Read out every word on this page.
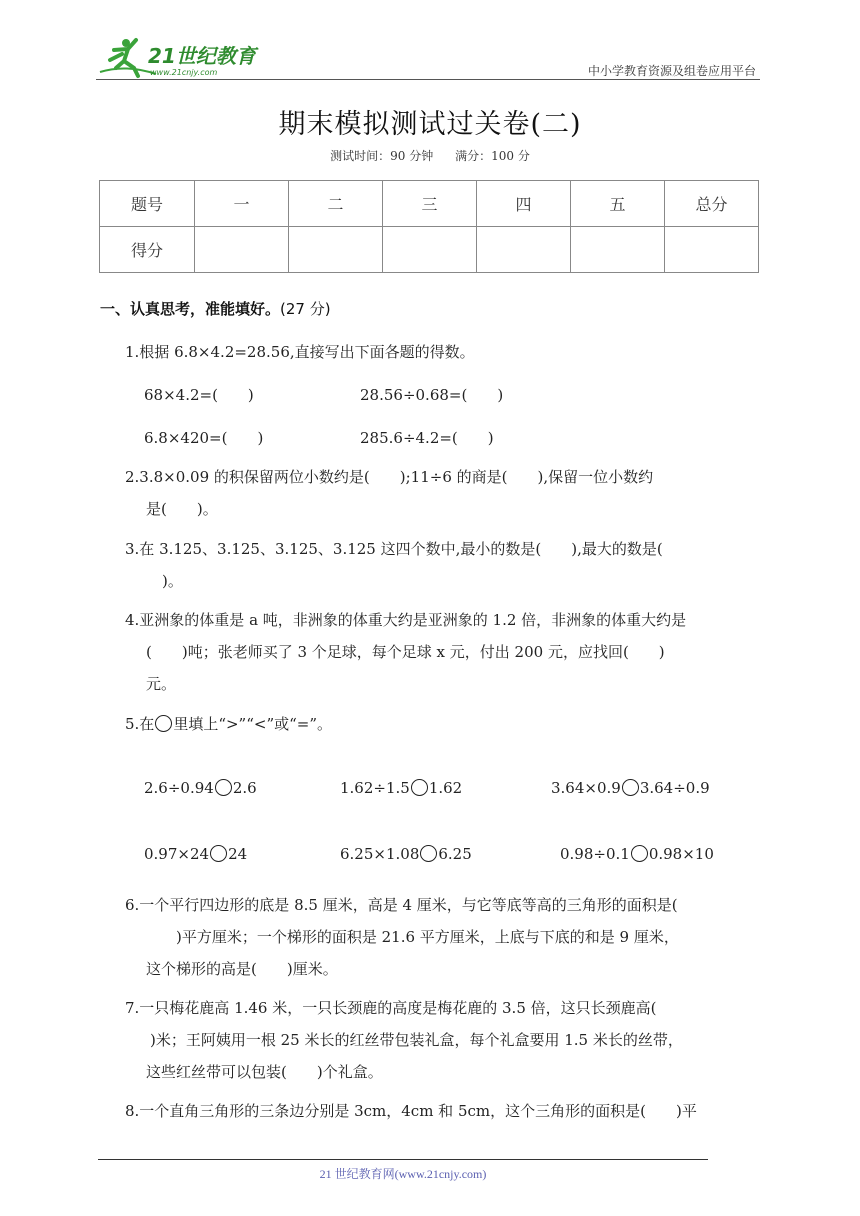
21世纪教育
www.21cnjy.com	中小学教育资源及组卷应用平台
期末模拟测试过关卷(二)
测试时间：90 分钟 满分：100 分
题号	一	二	三	四	五	总分
得分						
一、认真思考，准能填好。(27 分)
1.根据 6.8×4.2=28.56,直接写出下面各题的得数。
68×4.2=(　　)	28.56÷0.68=(　　)
6.8×420=(　　)	285.6÷4.2=(　　)
2.3.8×0.09 的积保留两位小数约是(　　);11÷6 的商是(　　),保留一位小数约
是(　　)。
3.在 3.125、3.125、3.125、3.125 这四个数中,最小的数是(　　),最大的数是(
)。
4.亚洲象的体重是 a 吨，非洲象的体重大约是亚洲象的 1.2 倍，非洲象的体重大约是
(　　)吨；张老师买了 3 个足球，每个足球 x 元，付出 200 元，应找回(　　)
元。
5.在 里填上“>”“<”或“=”。
2.6÷0.94 2.6	1.62÷1.5 1.62	3.64×0.9 3.64÷0.9
0.97×24 24	6.25×1.08 6.25	0.98÷0.1 0.98×10
6.一个平行四边形的底是 8.5 厘米，高是 4 厘米，与它等底等高的三角形的面积是(
)平方厘米；一个梯形的面积是 21.6 平方厘米，上底与下底的和是 9 厘米，
这个梯形的高是(　　)厘米。
7.一只梅花鹿高 1.46 米，一只长颈鹿的高度是梅花鹿的 3.5 倍，这只长颈鹿高(
)米；王阿姨用一根 25 米长的红丝带包装礼盒，每个礼盒要用 1.5 米长的丝带，
这些红丝带可以包装(　　)个礼盒。
8.一个直角三角形的三条边分别是 3cm，4cm 和 5cm，这个三角形的面积是(　　)平
21 世纪教育网(www.21cnjy.com)
